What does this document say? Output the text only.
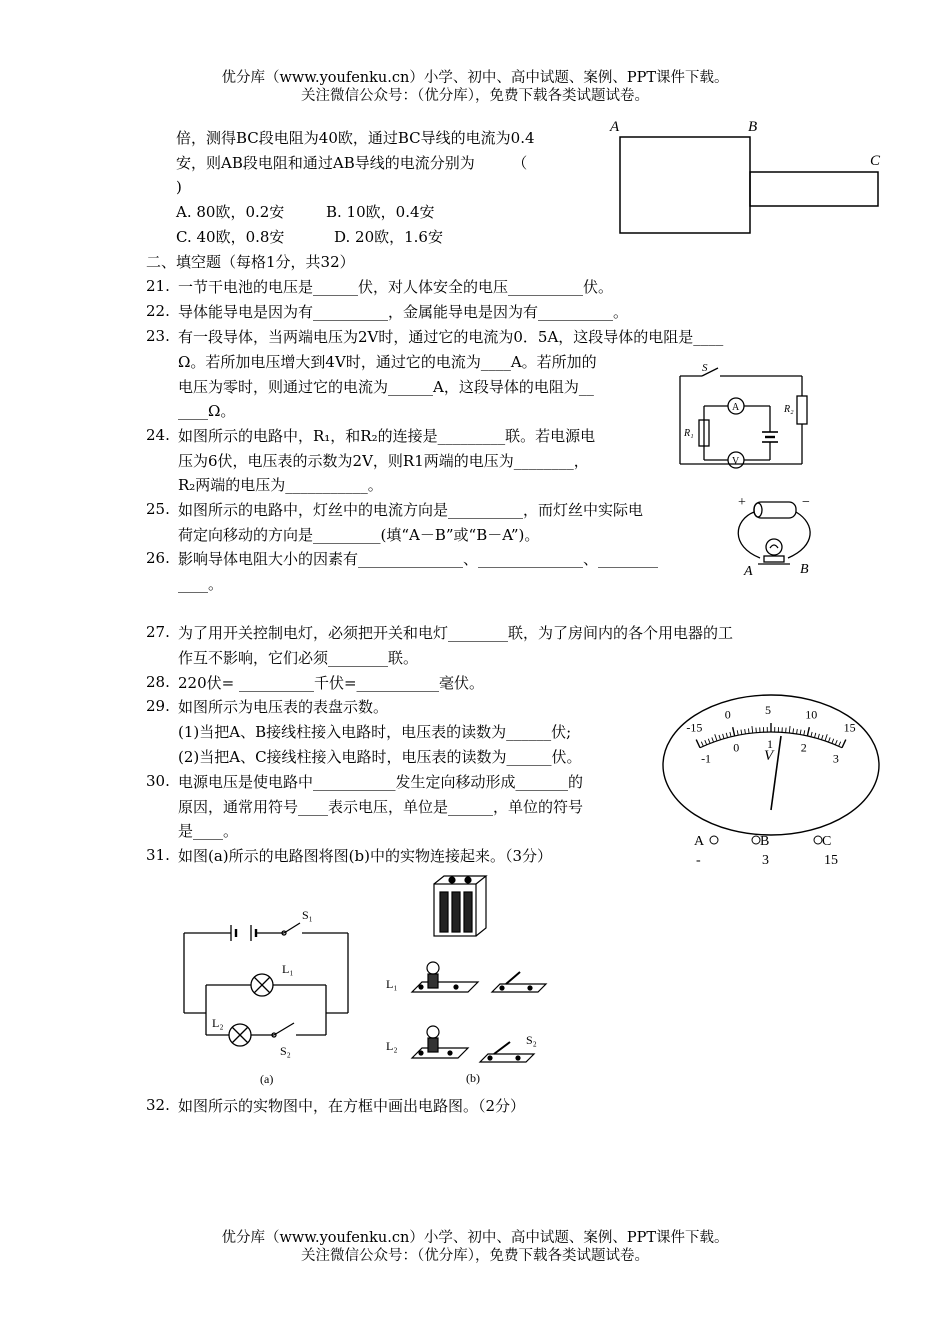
优分库（www.youfenku.cn）小学、初中、高中试题、案例、PPT课件下载。
关注微信公众号：（优分库），免费下载各类试题试卷。
倍，测得BC段电阻为40欧，通过BC导线的电流为0.4
安，则AB段电阻和通过AB导线的电流分别为　　　（
)
A. 80欧，0.2安	B. 10欧，0.4安
C. 40欧，0.8安	D. 20欧，1.6安
A	B
C
二、填空题（每格1分，共32）
21. 一节干电池的电压是______伏，对人体安全的电压__________伏。
22. 导体能导电是因为有__________，金属能导电是因为有__________。
23. 有一段导体，当两端电压为2V时，通过它的电流为0．5A，这段导体的电阻是____
Ω。若所加电压增大到4V时，通过它的电流为____A。若所加的
电压为零时，则通过它的电流为______A，这段导体的电阻为__
____Ω。
S
R₂
R₁
A
V
24. 如图所示的电路中，R₁，和R₂的连接是_________联。若电源电
压为6伏，电压表的示数为2V，则R1两端的电压为________，
R₂两端的电压为___________。
25. 如图所示的电路中，灯丝中的电流方向是__________，而灯丝中实际电
荷定向移动的方向是_________(填“A－B”或“B－A”)。
+	−
A	B
26. 影响导体电阻大小的因素有______________、______________、________
____。
27. 为了用开关控制电灯，必须把开关和电灯________联，为了房间内的各个用电器的工
作互不影响，它们必须________联。
28. 220伏= __________千伏=___________毫伏。
29. 如图所示为电压表的表盘示数。
(1)当把A、B接线柱接入电路时，电压表的读数为______伏;
(2)当把A、C接线柱接入电路时，电压表的读数为______伏。
-15
0	5	10
15
-1
0 1 2
3
V
A
-
B
3
C
15
30. 电源电压是使电路中___________发生定向移动形成_______的
原因，通常用符号____表示电压，单位是______，单位的符号
是____。
31. 如图(a)所示的电路图将图(b)中的实物连接起来。（3分）
S₁
L₁
L₂
S₂
(a)
L₁
L₂	S₂
(b)
32. 如图所示的实物图中，在方框中画出电路图。（2分）
优分库（www.youfenku.cn）小学、初中、高中试题、案例、PPT课件下载。
关注微信公众号：（优分库），免费下载各类试题试卷。
